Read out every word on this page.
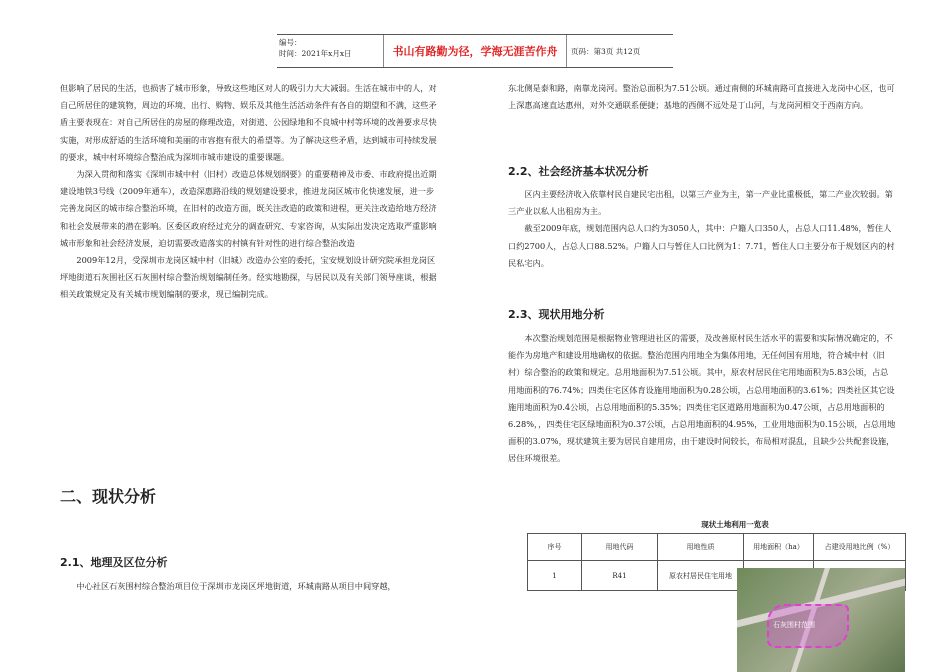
编号：
时间：2021年x月x日	书山有路勤为径，学海无涯苦作舟	页码：第3页 共12页

但影响了居民的生活，也损害了城市形象，导致这些地区对人的吸引力大大减弱。生活在城市中的人，对自己所居住的建筑物，周边的环境、出行、购物、娱乐及其他生活活动条件有各自的期望和不满，这些矛盾主要表现在：对自己所居住的房屋的修理改造，对街道、公园绿地和不良城中村等环境的改善要求尽快实施，对形成舒适的生活环境和美丽的市容抱有很大的希望等。为了解决这些矛盾，达到城市可持续发展的要求，城中村环境综合整治成为深圳市城市建设的重要课题。

为深入贯彻和落实《深圳市城中村（旧村）改造总体规划纲要》的重要精神及市委、市政府提出近期建设地铁3号线（2009年通车），改造深惠路沿线的规划建设要求，推进龙岗区城市化快速发展，进一步完善龙岗区的城市综合整治环境，在旧村的改造方面，既关注改造的政策和进程，更关注改造给地方经济和社会发展带来的潜在影响。区委区政府经过充分的调查研究、专家咨询，从实际出发决定选取严重影响城市形象和社会经济发展，迫切需要改造落实的村镇有针对性的进行综合整治改造

2009年12月，受深圳市龙岗区城中村（旧城）改造办公室的委托，宝安规划设计研究院承担龙岗区坪地街道石灰围社区石灰围村综合整治规划编制任务。经实地勘探，与居民以及有关部门领导座谈，根据相关政策规定及有关城市规划编制的要求，现已编制完成。

二、现状分析
2.1、地理及区位分析

中心社区石灰围村综合整治项目位于深圳市龙岗区坪地街道，环城南路从项目中间穿越，

东北侧是泰和路，南靠龙岗河。整治总面积为7.51公顷。通过南侧的环城南路可直接进入龙岗中心区，也可上深惠高速直达惠州，对外交通联系便捷；基地的西侧不远处是丁山河，与龙岗河相交于西南方向。

2.2、社会经济基本状况分析

区内主要经济收入依靠村民自建民宅出租，以第三产业为主，第一产业比重极低，第二产业次较弱。第三产业以私人出租房为主。

截至2009年底，规划范围内总人口约为3050人，其中：户籍人口350人，占总人口11.48%，暂住人口约2700人，占总人口88.52%。户籍人口与暂住人口比例为1：7.71，暂住人口主要分布于规划区内的村民私宅内。

2.3、现状用地分析

本次整治规划范围是根据物业管理进社区的需要，及改善原村民生活水平的需要和实际情况确定的，不能作为房地产和建设用地确权的依据。整治范围内用地全为集体用地，无任何国有用地，符合城中村（旧村）综合整治的政策和规定。总用地面积为7.51公顷。其中，原农村居民住宅用地面积为5.83公顷，占总用地面积的76.74%；四类住宅区体育设施用地面积为0.28公顷，占总用地面积的3.61%；四类社区其它设施用地面积为0.4公顷，占总用地面积的5.35%；四类住宅区道路用地面积为0.47公顷，占总用地面积的6.28%，，四类住宅区绿地面积为0.37公顷，占总用地面积的4.95%，工业用地面积为0.15公顷，占总用地面积的3.07%，现状建筑主要为居民自建用房，由于建设时间较长，布局相对混乱，且缺少公共配套设施，居住环境很差。

现状土地利用一览表
序号	用地代码	用地性质	用地面积（ha）	占建设用地比例（%）
1	R41	原农村居民住宅用地		
石灰围村范围
